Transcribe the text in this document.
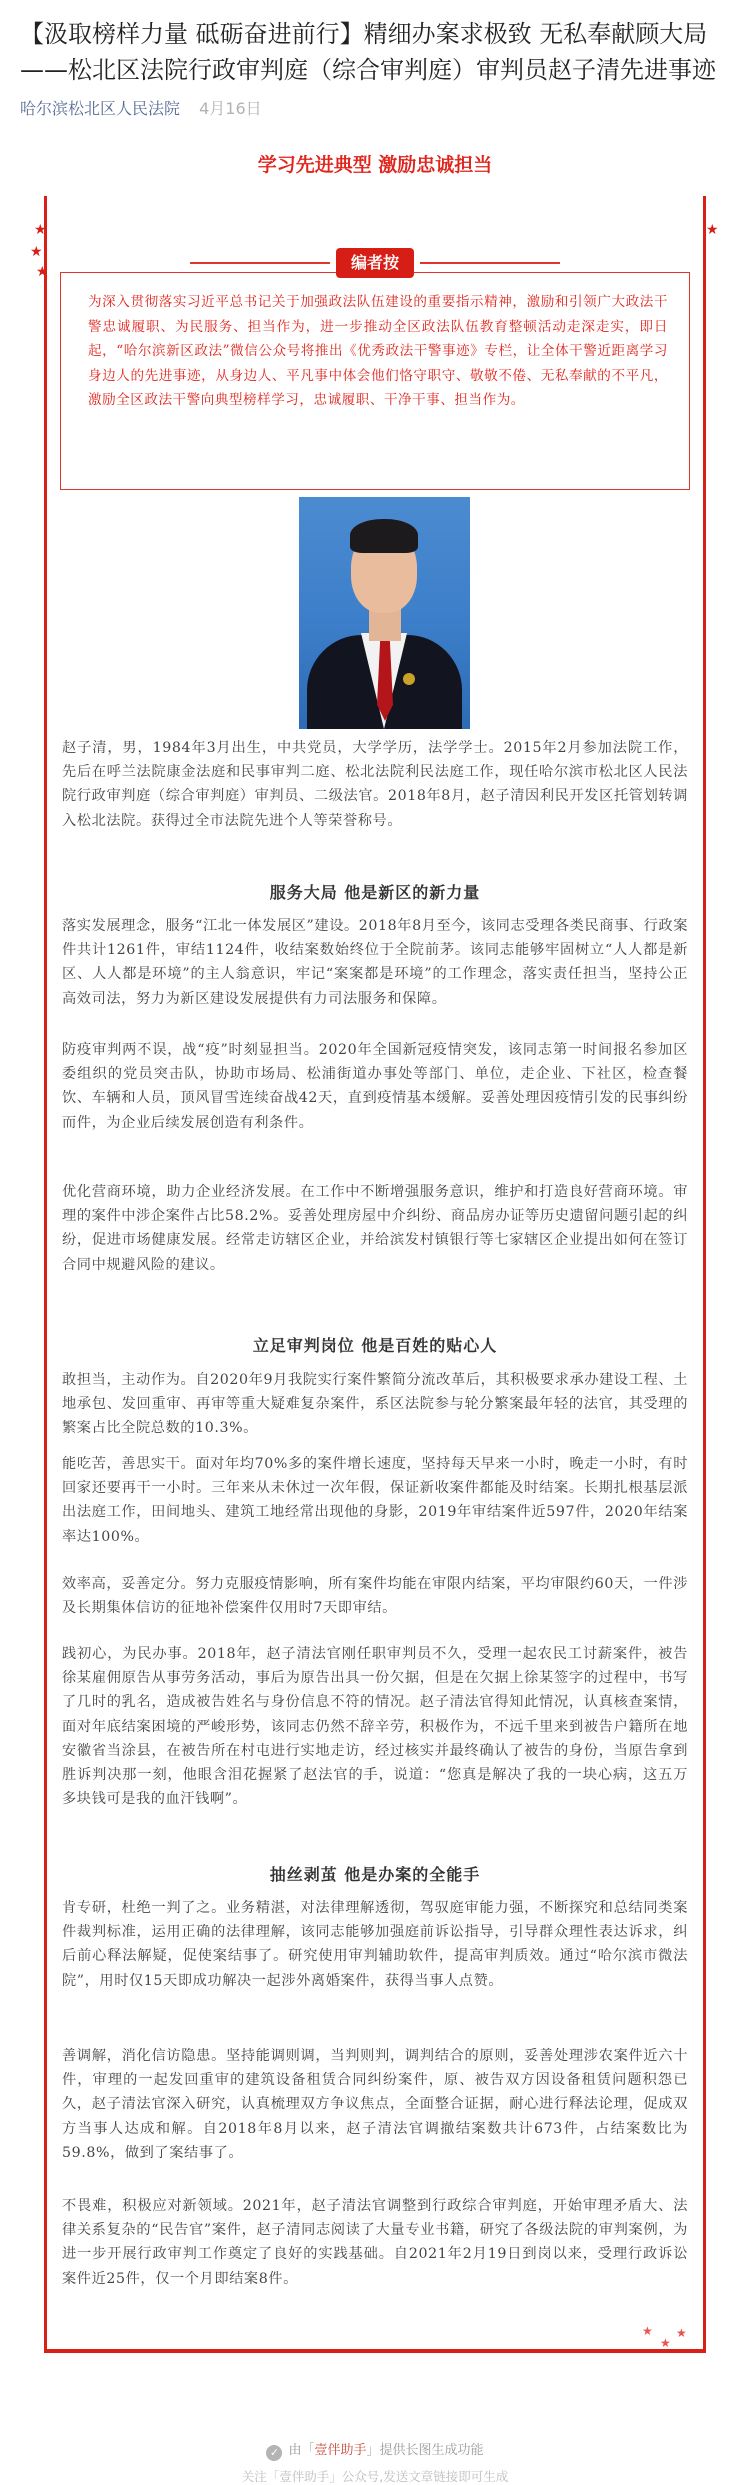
【汲取榜样力量 砥砺奋进前行】精细办案求极致 无私奉献顾大局 ——松北区法院行政审判庭（综合审判庭）审判员赵子清先进事迹
哈尔滨松北区人民法院 4月16日
学习先进典型 激励忠诚担当
★
★
★
★
编者按
为深入贯彻落实习近平总书记关于加强政法队伍建设的重要指示精神，激励和引领广大政法干警忠诚履职、为民服务、担当作为，进一步推动全区政法队伍教育整顿活动走深走实，即日起，“哈尔滨新区政法”微信公众号将推出《优秀政法干警事迹》专栏，让全体干警近距离学习身边人的先进事迹，从身边人、平凡事中体会他们恪守职守、敬敬不倦、无私奉献的不平凡，激励全区政法干警向典型榜样学习，忠诚履职、干净干事、担当作为。
赵子清，男，1984年3月出生，中共党员，大学学历，法学学士。2015年2月参加法院工作，先后在呼兰法院康金法庭和民事审判二庭、松北法院利民法庭工作，现任哈尔滨市松北区人民法院行政审判庭（综合审判庭）审判员、二级法官。2018年8月，赵子清因利民开发区托管划转调入松北法院。获得过全市法院先进个人等荣誉称号。
服务大局 他是新区的新力量
落实发展理念，服务“江北一体发展区”建设。2018年8月至今，该同志受理各类民商事、行政案件共计1261件，审结1124件，收结案数始终位于全院前茅。该同志能够牢固树立“人人都是新区、人人都是环境”的主人翁意识，牢记“案案都是环境”的工作理念，落实责任担当，坚持公正高效司法，努力为新区建设发展提供有力司法服务和保障。
防疫审判两不误，战“疫”时刻显担当。2020年全国新冠疫情突发，该同志第一时间报名参加区委组织的党员突击队，协助市场局、松浦街道办事处等部门、单位，走企业、下社区，检查餐饮、车辆和人员，顶风冒雪连续奋战42天，直到疫情基本缓解。妥善处理因疫情引发的民事纠纷而件，为企业后续发展创造有利条件。
优化营商环境，助力企业经济发展。在工作中不断增强服务意识，维护和打造良好营商环境。审理的案件中涉企案件占比58.2%。妥善处理房屋中介纠纷、商品房办证等历史遗留问题引起的纠纷，促进市场健康发展。经常走访辖区企业，并给滨发村镇银行等七家辖区企业提出如何在签订合同中规避风险的建议。
立足审判岗位 他是百姓的贴心人
敢担当，主动作为。自2020年9月我院实行案件繁简分流改革后，其积极要求承办建设工程、土地承包、发回重审、再审等重大疑难复杂案件，系区法院参与轮分繁案最年轻的法官，其受理的繁案占比全院总数的10.3%。
能吃苦，善思实干。面对年均70%多的案件增长速度，坚持每天早来一小时，晚走一小时，有时回家还要再干一小时。三年来从未休过一次年假，保证新收案件都能及时结案。长期扎根基层派出法庭工作，田间地头、建筑工地经常出现他的身影，2019年审结案件近597件，2020年结案率达100%。
效率高，妥善定分。努力克服疫情影响，所有案件均能在审限内结案，平均审限约60天，一件涉及长期集体信访的征地补偿案件仅用时7天即审结。
践初心，为民办事。2018年，赵子清法官刚任职审判员不久，受理一起农民工讨薪案件，被告徐某雇佣原告从事劳务活动，事后为原告出具一份欠据，但是在欠据上徐某签字的过程中，书写了几时的乳名，造成被告姓名与身份信息不符的情况。赵子清法官得知此情况，认真核查案情，面对年底结案困境的严峻形势，该同志仍然不辞辛劳，积极作为，不远千里来到被告户籍所在地安徽省当涂县，在被告所在村屯进行实地走访，经过核实并最终确认了被告的身份，当原告拿到胜诉判决那一刻，他眼含泪花握紧了赵法官的手，说道：“您真是解决了我的一块心病，这五万多块钱可是我的血汗钱啊”。
抽丝剥茧 他是办案的全能手
肯专研，杜绝一判了之。业务精湛，对法律理解透彻，驾驭庭审能力强，不断探究和总结同类案件裁判标准，运用正确的法律理解，该同志能够加强庭前诉讼指导，引导群众理性表达诉求，纠后前心释法解疑，促使案结事了。研究使用审判辅助软件，提高审判质效。通过“哈尔滨市微法院”，用时仅15天即成功解决一起涉外离婚案件，获得当事人点赞。
善调解，消化信访隐患。坚持能调则调，当判则判，调判结合的原则，妥善处理涉农案件近六十件，审理的一起发回重审的建筑设备租赁合同纠纷案件，原、被告双方因设备租赁问题积怨已久，赵子清法官深入研究，认真梳理双方争议焦点，全面整合证据，耐心进行释法论理，促成双方当事人达成和解。自2018年8月以来，赵子清法官调撤结案数共计673件，占结案数比为59.8%，做到了案结事了。
不畏难，积极应对新领域。2021年，赵子清法官调整到行政综合审判庭，开始审理矛盾大、法律关系复杂的“民告官”案件，赵子清同志阅读了大量专业书籍，研究了各级法院的审判案例，为进一步开展行政审判工作奠定了良好的实践基础。自2021年2月19日到岗以来，受理行政诉讼案件近25件，仅一个月即结案8件。
★
★
★
✓ 由「壹伴助手」提供长图生成功能
关注「壹伴助手」公众号,发送文章链接即可生成
